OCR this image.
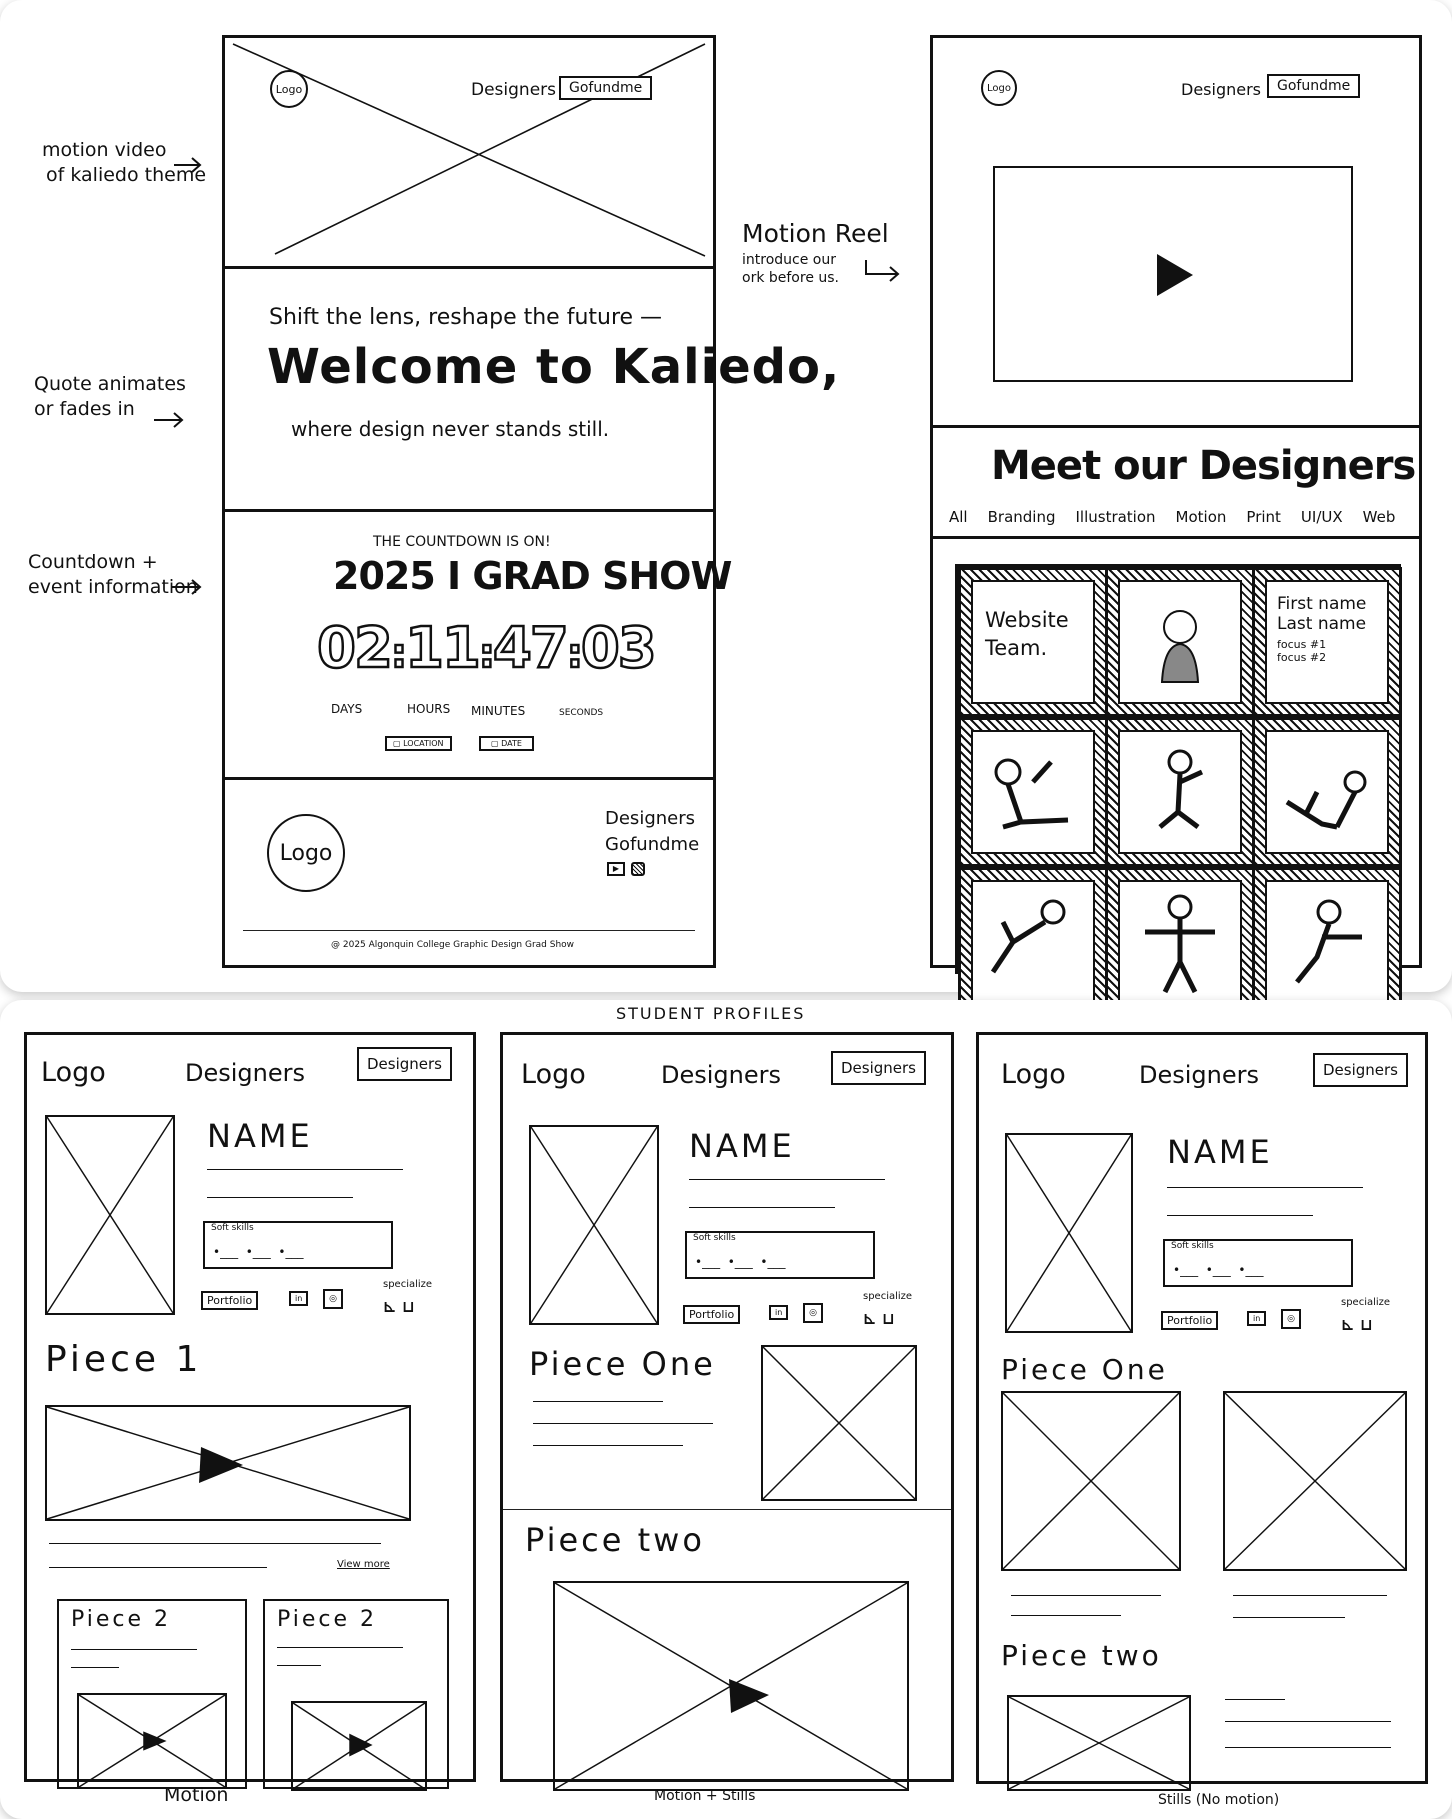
motion video
of kaliedo theme
Quote animates
or fades in
Countdown +
event information
Motion Reel
introduce our
ork before us.
Logo	Designers Gofundme
Shift the lens, reshape the future —
Welcome to Kaliedo,
where design never stands still.
THE COUNTDOWN IS ON!
2025 I GRAD SHOW
02:11:47:03
DAYS	HOURS MINUTES	SECONDS
▢ LOCATION	▢ DATE
Logo
Designers
Gofundme
▶
@ 2025 Algonquin College Graphic Design Grad Show
Logo	Designers	Gofundme
Meet our Designers
All Branding Illustration Motion Print UI/UX Web
Website
Team.
First name
Last name
focus #1
focus #2
STUDENT PROFILES
Logo	Designers	Designers
NAME
Soft skills
•___  •___  •___
Portfolio	in	◎
specialize
⊾ ⊔
Piece 1
View more
Piece 2	Piece 2
Motion
Logo	Designers	Designers
NAME
Soft skills
•___  •___  •___
Portfolio	in	◎
specialize
⊾ ⊔
Piece One
Piece two
Motion + Stills
Logo	Designers	Designers
NAME
Soft skills
•___  •___  •___
Portfolio	in	◎
specialize
⊾ ⊔
Piece One
Piece two
Stills (No motion)
